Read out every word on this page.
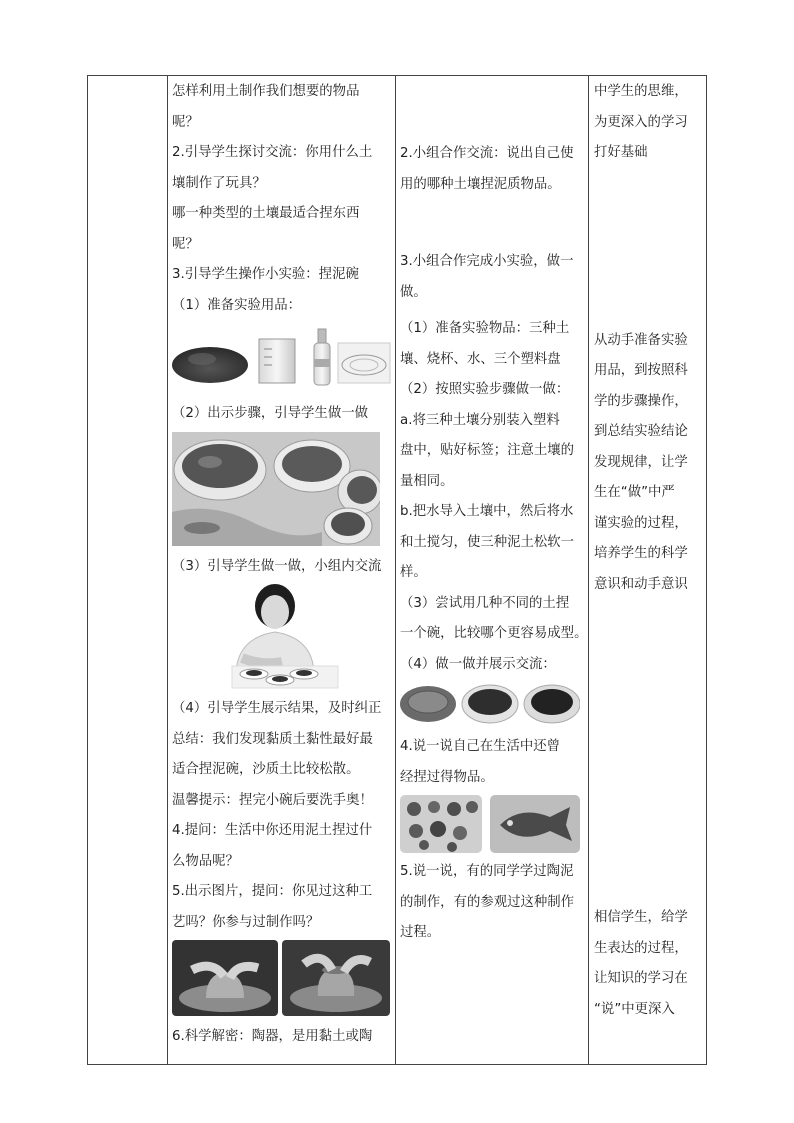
怎样利用土制作我们想要的物品

呢？

2.引导学生探讨交流：你用什么土

壤制作了玩具？

哪一种类型的土壤最适合捏东西

呢？

3.引导学生操作小实验：捏泥碗

（1）准备实验用品：

（2）出示步骤，引导学生做一做

（3）引导学生做一做，小组内交流

（4）引导学生展示结果，及时纠正

总结：我们发现黏质土黏性最好最

适合捏泥碗，沙质土比较松散。

温馨提示：捏完小碗后要洗手奥！

4.提问：生活中你还用泥土捏过什

么物品呢？

5.出示图片，提问：你见过这种工

艺吗？你参与过制作吗？

6.科学解密：陶器，是用黏土或陶

2.小组合作交流：说出自己使

用的哪种土壤捏泥质物品。

3.小组合作完成小实验，做一

做。

（1）准备实验物品：三种土

壤、烧杯、水、三个塑料盘

（2）按照实验步骤做一做：

a.将三种土壤分别装入塑料

盘中，贴好标签；注意土壤的

量相同。

b.把水导入土壤中，然后将水

和土搅匀，使三种泥土松软一

样。

（3）尝试用几种不同的土捏

一个碗，比较哪个更容易成型。

（4）做一做并展示交流：

4.说一说自己在生活中还曾

经捏过得物品。

5.说一说，有的同学学过陶泥

的制作，有的参观过这种制作

过程。

中学生的思维，

为更深入的学习

打好基础

从动手准备实验

用品，到按照科

学的步骤操作，

到总结实验结论

发现规律，让学

生在“做”中严

谨实验的过程，

培养学生的科学

意识和动手意识

相信学生，给学

生表达的过程，

让知识的学习在

“说”中更深入
